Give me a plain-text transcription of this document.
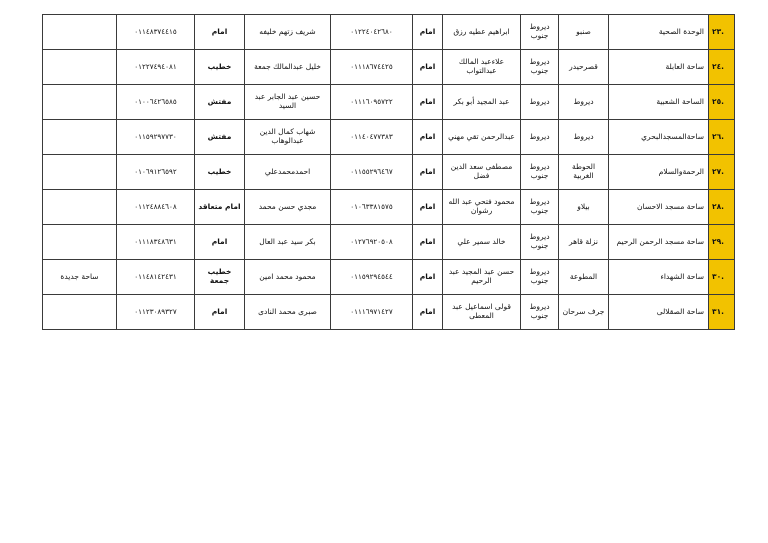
٢٣.	الوحدة الصحية	صنبو	ديروط جنوب	ابراهيم عطيه رزق	امام	٠١٢٢٤٠٤٢٦٨٠	شريف زتهم خليفه	امام	٠١١٤٨٣٧٤٤١٥	
٢٤.	ساحة العابلة	قصرحيدر	ديروط جنوب	علاءعبد المالك عبدالتواب	امام	٠١١١٨٦٧٤٤٢٥	خليل عبدالمالك جمعة	خطيب	٠١٢٢٧٤٩٤٠٨١	
٢٥.	الساحة الشعبية	ديروط	ديروط	عبد المجيد أبو بكر	امام	٠١١١٦٠٩٥٧٢٢	حسين عبد الجابر عبد السيد	مفتش	٠١٠٠٦٤٢٦٥٨٥	
٢٦.	ساحةالمسجدالبحري	ديروط	ديروط	عبدالرحمن تقي مهني	امام	٠١١٤٠٤٧٧٣٨٣	شهاب كمال الدين عبدالوهاب	مفتش	٠١١٥٩٢٩٧٧٣٠	
٢٧.	الرحمةوالسلام	الحوطة الغربية	ديروط جنوب	مصطفى سعد الدين فضل	امام	٠١١٥٥٢٩٦٤٦٧	احمدمحمدعلي	خطيب	٠١٠٦٩١٢٦٥٩٢	
٢٨.	ساحة مسجد الاحسان	بيلاو	ديروط جنوب	محمود فتحي عبد الله رشوان	امام	٠١٠٦٣٣٨١٥٧٥	مجدي حسن محمد	امام متعاقد	٠١١٢٤٨٨٤٦٠٨	
٢٩.	ساحة مسجد الرحمن الرحيم	نزلة قاهر	ديروط جنوب	خالد سمير علي	امام	٠١٢٧٦٩٢٠٥٠٨	بكر سيد عبد العال	امام	٠١١١٨٣٤٨٦٣١	
٣٠.	ساحة الشهداء	المطوعة	ديروط جنوب	حسن عبد المجيد عبد الرحيم	امام	٠١١٥٩٢٩٤٥٤٤	محمود محمد امين	خطيب جمعة	٠١١٤٨١٤٢٤٣١	ساحة جديدة
٣١.	ساحة الصقلالى	جرف سرحان	ديروط جنوب	قولى اسماعيل عبد المعطى	امام	٠١١١٦٩٧١٤٢٧	صبرى محمد النادى	امام	٠١١٢٣٠٨٩٣٢٧	
